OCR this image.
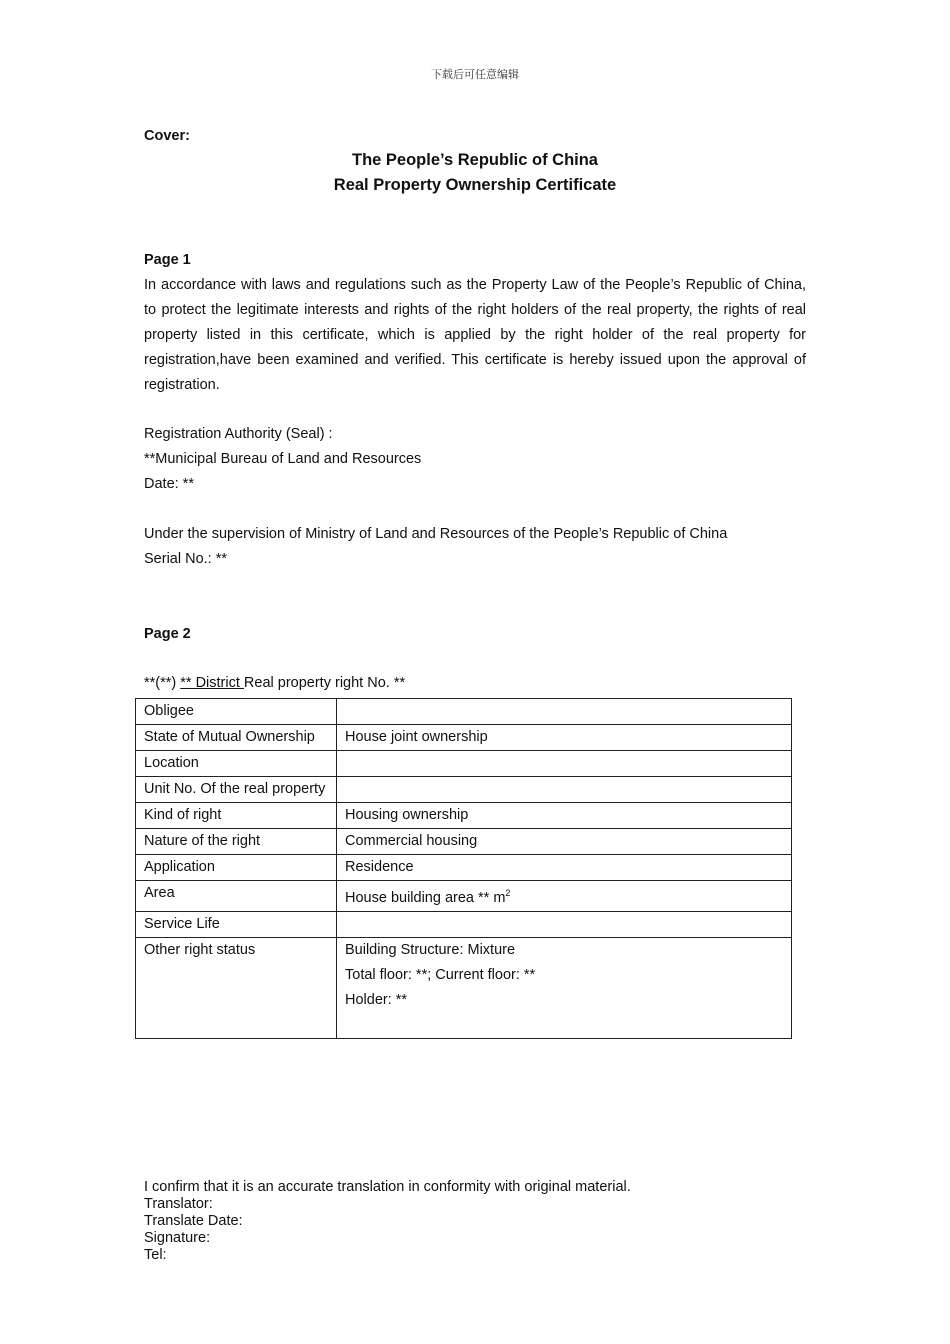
下载后可任意编辑
Cover:
The People’s Republic of China
Real Property Ownership Certificate
Page 1
In accordance with laws and regulations such as the Property Law of the People’s Republic of China, to protect the legitimate interests and rights of the right holders of the real property, the rights of real property listed in this certificate, which is applied by the right holder of the real property for registration,have been examined and verified. This certificate is hereby issued upon the approval of registration.
Registration Authority (Seal) :
**Municipal Bureau of Land and Resources
Date: **
Under the supervision of Ministry of Land and Resources of the People’s Republic of China
Serial No.: **
Page 2
**(**) ** District Real property right No. **
Obligee	
State of Mutual Ownership	House joint ownership
Location	
Unit No. Of the real property	
Kind of right	Housing ownership
Nature of the right	Commercial housing
Application	Residence
Area	House building area ** $m^2$
Service Life	
Other right status	Building Structure: Mixture
Total floor: **; Current floor: **
Holder: **
I confirm that it is an accurate translation in conformity with original material.
Translator:
Translate Date:
Signature:
Tel:
